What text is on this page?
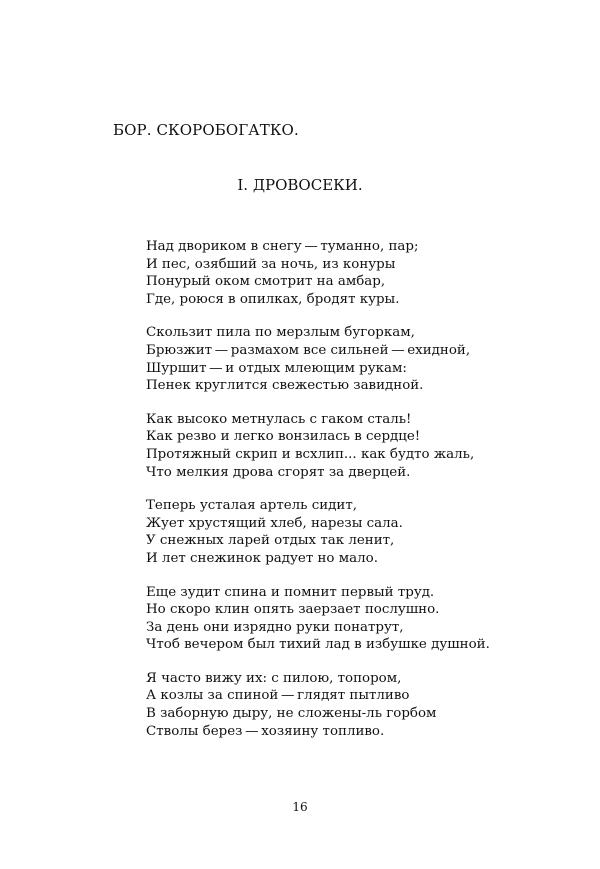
БОР. СКОРОБОГАТКО.
I. ДРОВОСЕКИ.
Над двориком в снегу — туманно, пар;
И пес, озябший за ночь, из конуры
Понурый оком смотрит на амбар,
Где, роюся в опилках, бродят куры.
Скользит пила по мерзлым бугоркам,
Брюзжит — размахом все сильней — ехидной,
Шуршит — и отдых млеющим рукам:
Пенек круглится свежестью завидной.
Как высоко метнулась с гаком сталь!
Как резво и легко вонзилась в сердце!
Протяжный скрип и всхлип... как будто жаль,
Что мелкия дрова сгорят за дверцей.
Теперь усталая артель сидит,
Жует хрустящий хлеб, нарезы сала.
У снежных ларей отдых так ленит,
И лет снежинок радует но мало.
Еще зудит спина и помнит первый труд.
Но скоро клин опять заерзает послушно.
За день они изрядно руки понатрут,
Чтоб вечером был тихий лад в избушке душной.
Я часто вижу их: с пилою, топором,
А козлы за спиной — глядят пытливо
В заборную дыру, не сложены-ль горбом
Стволы берез — хозяину топливо.
16
